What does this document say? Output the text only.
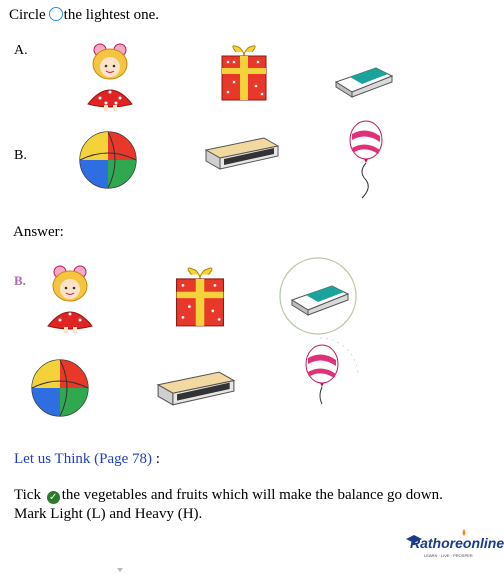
Circle the lightest one.
A.
B.
Answer:
B.
Let us Think (Page 78) :
Tick ✓ the vegetables and fruits which will make the balance go down.
Mark Light (L) and Heavy (H).
Rathoreonline
LEARN · LIVE · PROSPER
